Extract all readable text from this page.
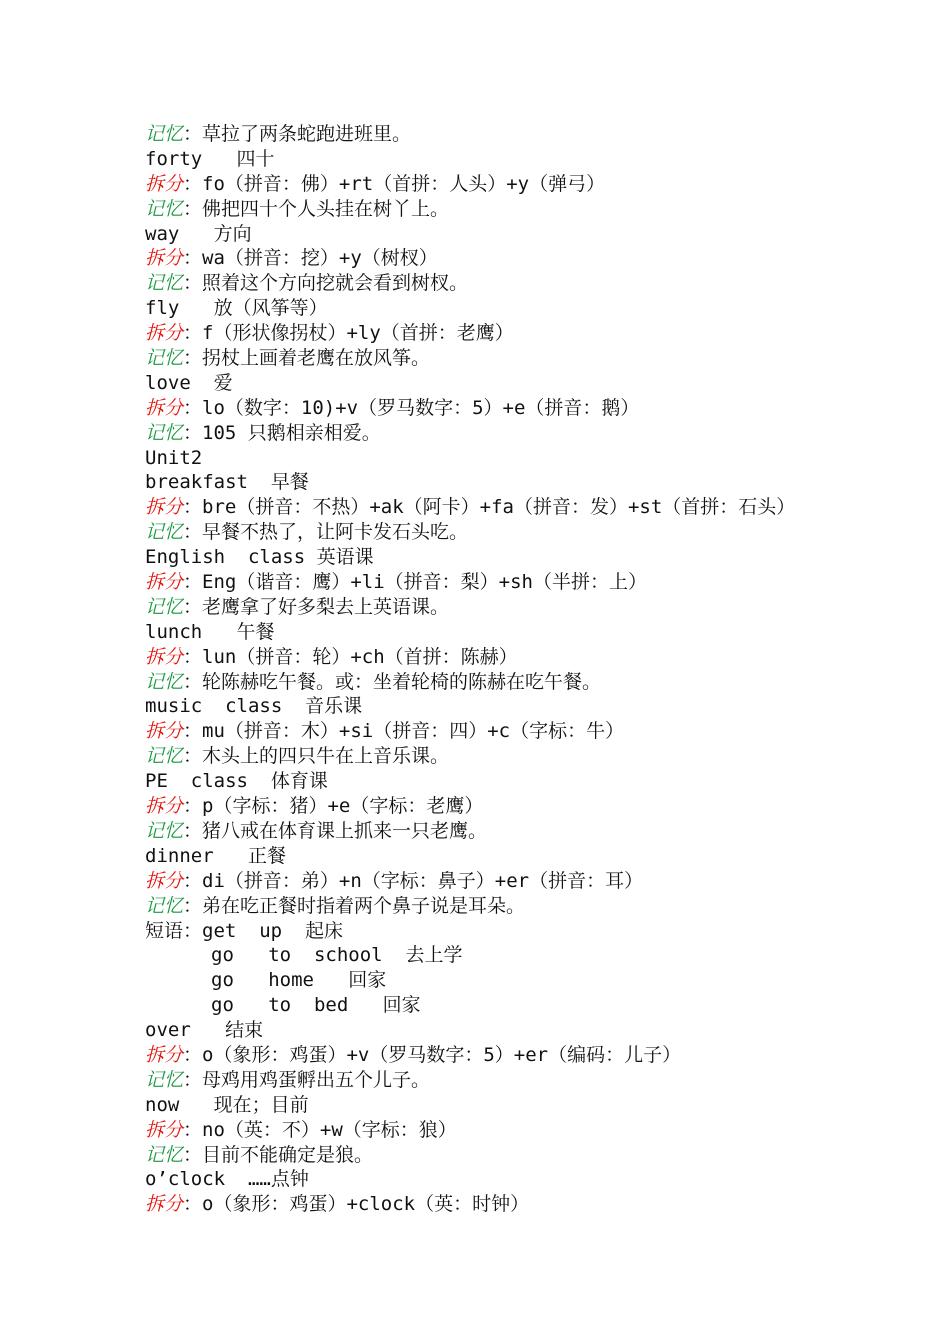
记忆：草拉了两条蛇跑进班里。
forty   四十
拆分：fo（拼音：佛）+rt（首拼：人头）+y（弹弓）
记忆：佛把四十个人头挂在树丫上。
way   方向
拆分：wa（拼音：挖）+y（树杈）
记忆：照着这个方向挖就会看到树杈。
fly   放（风筝等）
拆分：f（形状像拐杖）+ly（首拼：老鹰）
记忆：拐杖上画着老鹰在放风筝。
love  爱
拆分：lo（数字：10)+v（罗马数字：5）+e（拼音：鹅）
记忆：105 只鹅相亲相爱。
Unit2
breakfast  早餐
拆分：bre（拼音：不热）+ak（阿卡）+fa（拼音：发）+st（首拼：石头）
记忆：早餐不热了，让阿卡发石头吃。
English  class 英语课
拆分：Eng（谐音：鹰）+li（拼音：梨）+sh（半拼：上）
记忆：老鹰拿了好多梨去上英语课。
lunch   午餐
拆分：lun（拼音：轮）+ch（首拼：陈赫）
记忆：轮陈赫吃午餐。或：坐着轮椅的陈赫在吃午餐。
music  class  音乐课
拆分：mu（拼音：木）+si（拼音：四）+c（字标：牛）
记忆：木头上的四只牛在上音乐课。
PE  class  体育课
拆分：p（字标：猪）+e（字标：老鹰）
记忆：猪八戒在体育课上抓来一只老鹰。
dinner   正餐
拆分：di（拼音：弟）+n（字标：鼻子）+er（拼音：耳）
记忆：弟在吃正餐时指着两个鼻子说是耳朵。
短语：get  up  起床
go   to  school  去上学
go   home   回家
go   to  bed   回家
over   结束
拆分：o（象形：鸡蛋）+v（罗马数字：5）+er（编码：儿子）
记忆：母鸡用鸡蛋孵出五个儿子。
now   现在；目前
拆分：no（英：不）+w（字标：狼）
记忆：目前不能确定是狼。
o’clock  ……点钟
拆分：o（象形：鸡蛋）+clock（英：时钟）
